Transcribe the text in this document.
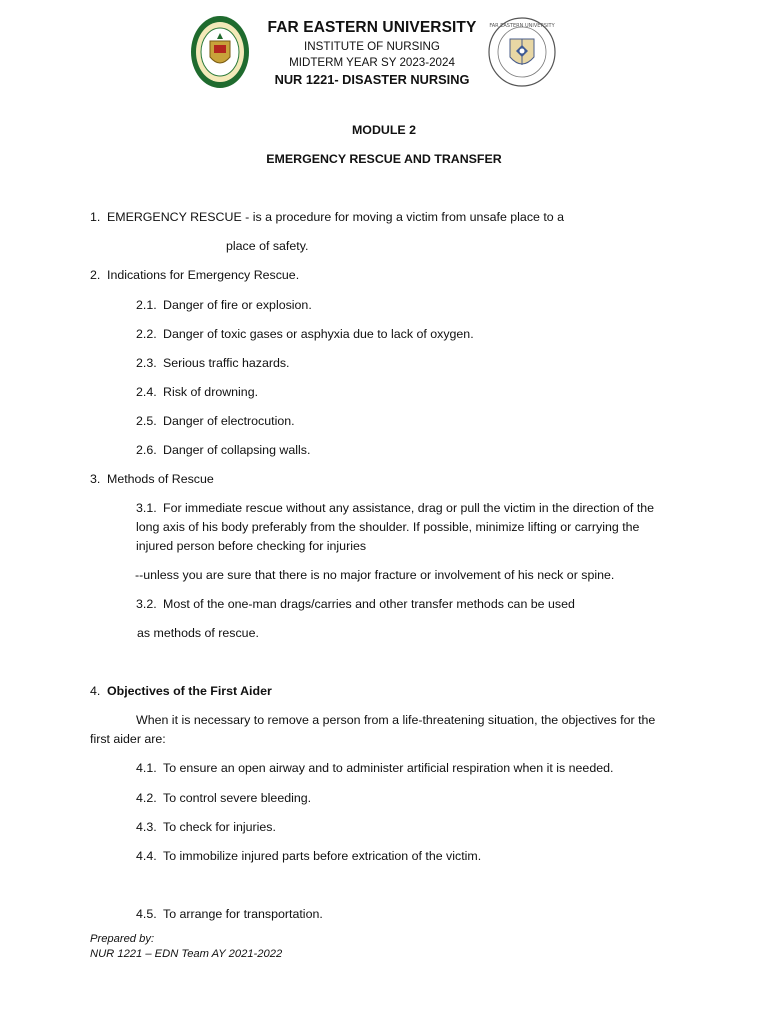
1928
FAR EASTERN UNIVERSITY
FAR EASTERN UNIVERSITY
INSTITUTE OF NURSING
MIDTERM YEAR SY 2023-2024
NUR 1221- DISASTER NURSING
MODULE 2
EMERGENCY RESCUE AND TRANSFER
1. EMERGENCY RESCUE - is a procedure for moving a victim from unsafe place to a
place of safety.
2. Indications for Emergency Rescue.
2.1. Danger of fire or explosion.
2.2. Danger of toxic gases or asphyxia due to lack of oxygen.
2.3. Serious traffic hazards.
2.4. Risk of drowning.
2.5. Danger of electrocution.
2.6. Danger of collapsing walls.
3. Methods of Rescue
3.1. For immediate rescue without any assistance, drag or pull the victim in the direction of the
long axis of his body preferably from the shoulder. If possible, minimize lifting or carrying the
injured person before checking for injuries
--unless you are sure that there is no major fracture or involvement of his neck or spine.
3.2. Most of the one-man drags/carries and other transfer methods can be used
as methods of rescue.
4. Objectives of the First Aider
When it is necessary to remove a person from a life-threatening situation, the objectives for the
first aider are:
4.1. To ensure an open airway and to administer artificial respiration when it is needed.
4.2. To control severe bleeding.
4.3. To check for injuries.
4.4. To immobilize injured parts before extrication of the victim.
4.5. To arrange for transportation.
Prepared by:
NUR 1221 – EDN Team AY 2021-2022
